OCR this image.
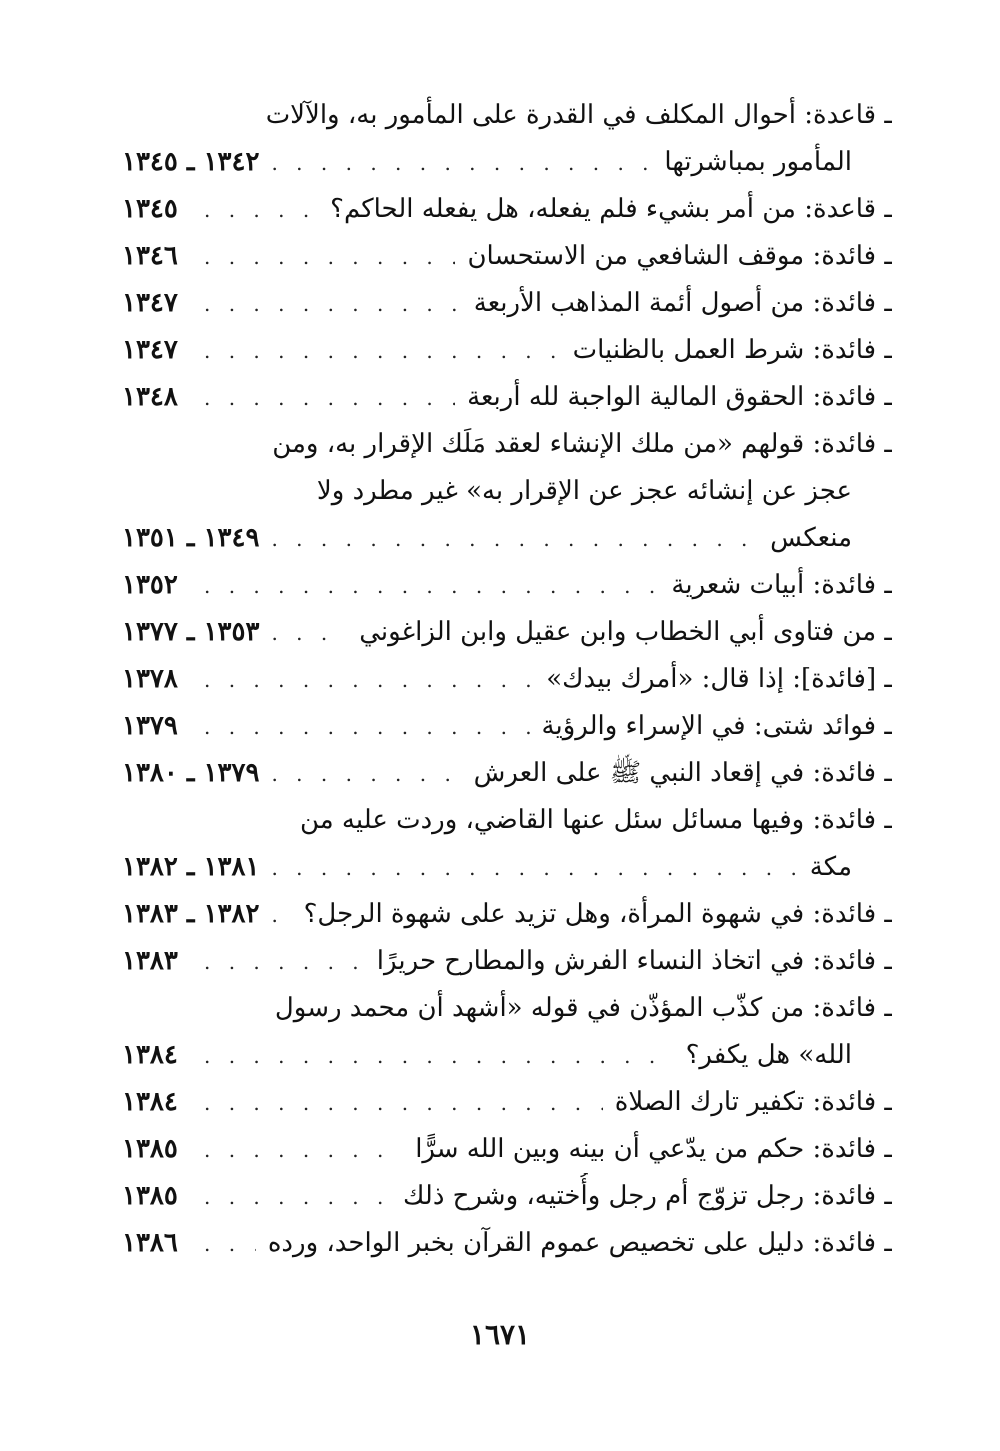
ـ قاعدة: أحوال المكلف في القدرة على المأمور به، والآلات
المأمور بمباشرتها
. . .
١٣٤٢ ـ ١٣٤٥
ـ قاعدة: من أمر بشيء فلم يفعله، هل يفعله الحاكم؟
. . .
١٣٤٥
ـ فائدة: موقف الشافعي من الاستحسان
. . .
١٣٤٦
ـ فائدة: من أصول أئمة المذاهب الأربعة
. . .
١٣٤٧
ـ فائدة: شرط العمل بالظنيات
. . .
١٣٤٧
ـ فائدة: الحقوق المالية الواجبة لله أربعة
. . .
١٣٤٨
ـ فائدة: قولهم «من ملك الإنشاء لعقد مَلَك الإقرار به، ومن
عجز عن إنشائه عجز عن الإقرار به» غير مطرد ولا
منعكس
. . .
١٣٤٩ ـ ١٣٥١
ـ فائدة: أبيات شعرية
. . .
١٣٥٢
ـ من فتاوى أبي الخطاب وابن عقيل وابن الزاغوني
. . .
١٣٥٣ ـ ١٣٧٧
ـ [فائدة]: إذا قال: «أمرك بيدك»
. . .
١٣٧٨
ـ فوائد شتى: في الإسراء والرؤية
. . .
١٣٧٩
ـ فائدة: في إقعاد النبي ﷺ على العرش
. . .
١٣٧٩ ـ ١٣٨٠
ـ فائدة: وفيها مسائل سئل عنها القاضي، وردت عليه من
مكة
. . .
١٣٨١ ـ ١٣٨٢
ـ فائدة: في شهوة المرأة، وهل تزيد على شهوة الرجل؟
. . .
١٣٨٢ ـ ١٣٨٣
ـ فائدة: في اتخاذ النساء الفرش والمطارح حريرًا
. . .
١٣٨٣
ـ فائدة: من كذّب المؤذّن في قوله «أشهد أن محمد رسول
الله» هل يكفر؟
. . .
١٣٨٤
ـ فائدة: تكفير تارك الصلاة
. . .
١٣٨٤
ـ فائدة: حكم من يدّعي أن بينه وبين الله سرًّا
. . .
١٣٨٥
ـ فائدة: رجل تزوّج أم رجل وأُختيه، وشرح ذلك
. . .
١٣٨٥
ـ فائدة: دليل على تخصيص عموم القرآن بخبر الواحد، ورده
. . .
١٣٨٦
١٦٧١
